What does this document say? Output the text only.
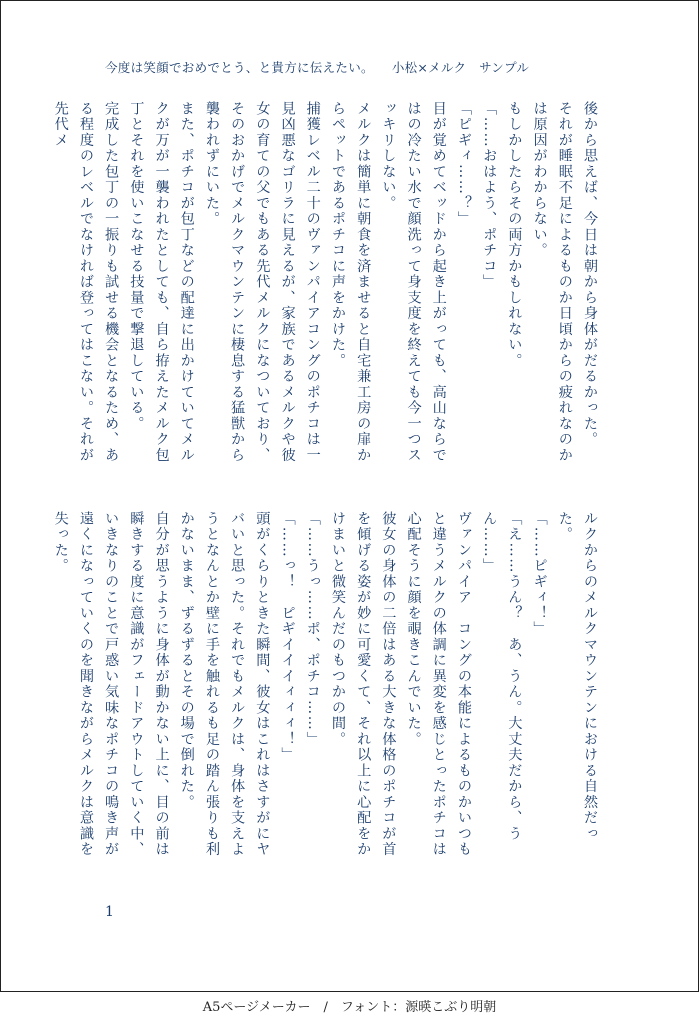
今度は笑顔でおめでとう、と貴方に伝えたい。 小松×メルク　サンプル

後から思えば、今日は朝から身体がだるかった。

それが睡眠不足によるものか日頃からの疲れなのかは原因がわからない。

もしかしたらその両方かもしれない。

「……おはよう、ポチコ」

「ピギィ……？」

目が覚めてベッドから起き上がっても、高山ならではの冷たい水で顔洗って身支度を終えても今一つスッキリしない。

メルクは簡単に朝食を済ませると自宅兼工房の扉からペットであるポチコに声をかけた。

捕獲レベル二十のヴァンパイアコングのポチコは一見凶悪なゴリラに見えるが、家族であるメルクや彼女の育ての父でもある先代メルクになついており、そのおかげでメルクマウンテンに棲息する猛獣から襲われずにいた。

また、ポチコが包丁などの配達に出かけていてメルクが万が一襲われたとしても、自ら拵えたメルク包丁とそれを使いこなせる技量で撃退している。

完成した包丁の一振りも試せる機会となるため、ある程度のレベルでなければ登ってはこない。それが先代メ

ルクからのメルクマウンテンにおける自然だった。

「……ピギィ！」

「え……うん？　あ、うん。大丈夫だから、うん……」

ヴァンパイア　コングの本能によるものかいつもと違うメルクの体調に異変を感じとったポチコは心配そうに顔を覗きこんでいた。

彼女の身体の二倍はある大きな体格のポチコが首を傾げる姿が妙に可愛くて、それ以上に心配をかけまいと微笑んだのもつかの間。

「……うっ……ポ、ポチコ……」

「……っ！　ピギイイイィィィ！」

頭がくらりときた瞬間、彼女はこれはさすがにヤバいと思った。それでもメルクは、身体を支えようとなんとか壁に手を触れるも足の踏ん張りも利かないまま、ずるずるとその場で倒れた。

自分が思うように身体が動かない上に、目の前は瞬きする度に意識がフェードアウトしていく中、いきなりのことで戸惑い気味なポチコの鳴き声が遠くになっていくのを聞きながらメルクは意識を失った。

1
A5ページメーカー　/　フォント：源暎こぶり明朝
